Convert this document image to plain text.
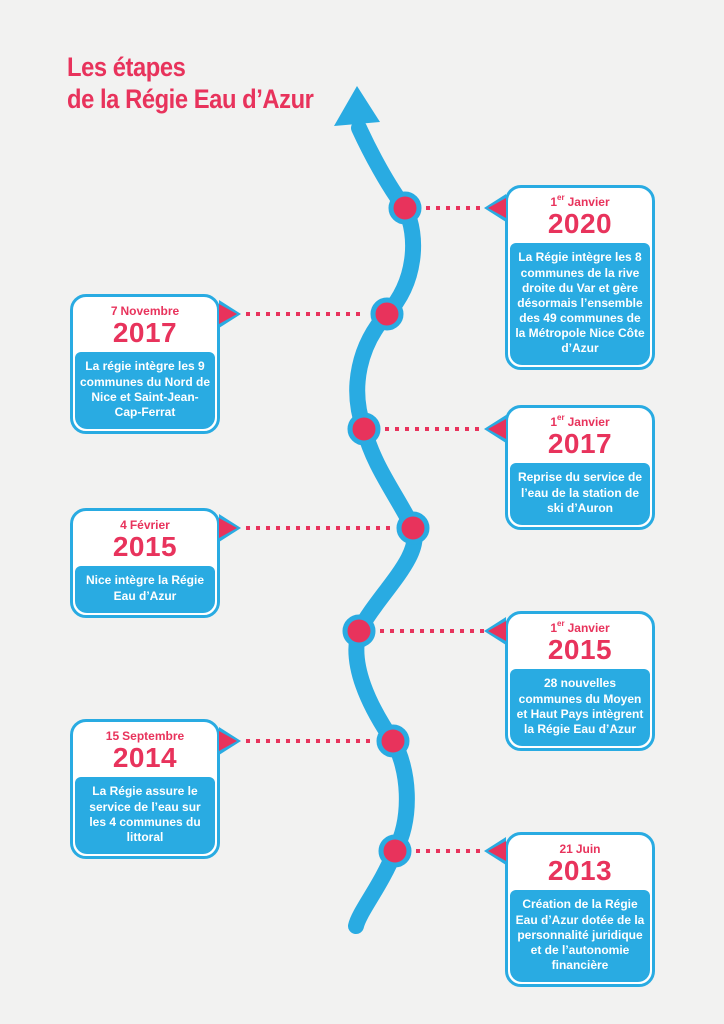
Les étapes
de la Régie Eau d’Azur
1er Janvier
2020
La Régie intègre les 8 communes de la rive droite du Var et gère désormais l’ensemble des 49 communes de la Métropole Nice Côte d’Azur
7 Novembre
2017
La régie intègre les 9 communes du Nord de Nice et Saint-Jean-Cap-Ferrat
1er Janvier
2017
Reprise du service de l’eau de la station de ski d’Auron
4 Février
2015
Nice intègre la Régie Eau d’Azur
1er Janvier
2015
28 nouvelles communes du Moyen et Haut Pays intègrent la Régie Eau d’Azur
15 Septembre
2014
La Régie assure le service de l’eau sur les 4 communes du littoral
21 Juin
2013
Création de la Régie Eau d’Azur dotée de la personnalité juridique et de l’autonomie financière
